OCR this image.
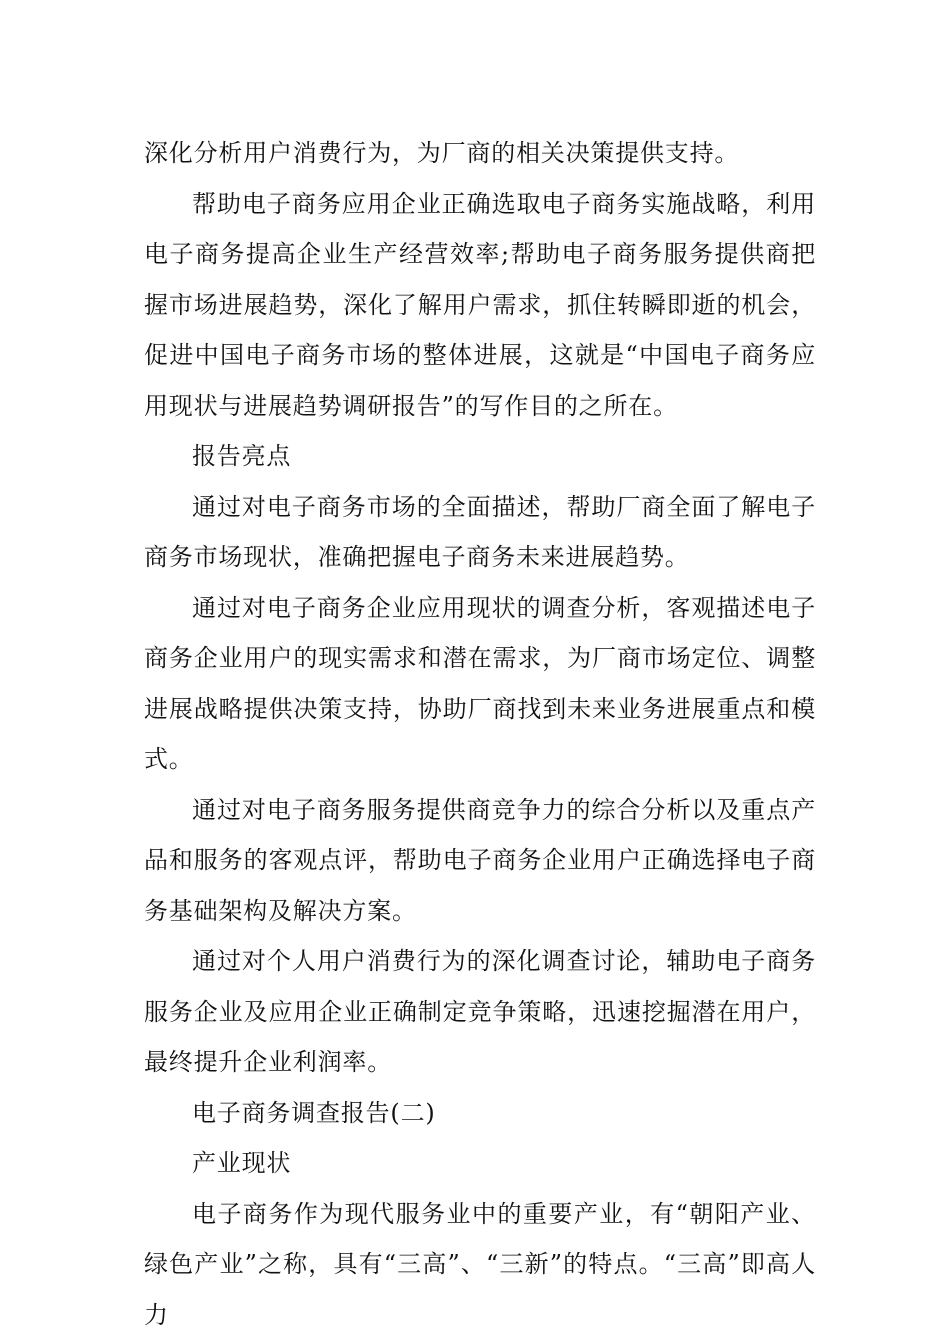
深化分析用户消费行为，为厂商的相关决策提供支持。

帮助电子商务应用企业正确选取电子商务实施战略，利用电子商务提高企业生产经营效率;帮助电子商务服务提供商把握市场进展趋势，深化了解用户需求，抓住转瞬即逝的机会，促进中国电子商务市场的整体进展，这就是“中国电子商务应用现状与进展趋势调研报告”的写作目的之所在。

报告亮点

通过对电子商务市场的全面描述，帮助厂商全面了解电子商务市场现状，准确把握电子商务未来进展趋势。

通过对电子商务企业应用现状的调查分析，客观描述电子商务企业用户的现实需求和潜在需求，为厂商市场定位、调整进展战略提供决策支持，协助厂商找到未来业务进展重点和模式。

通过对电子商务服务提供商竞争力的综合分析以及重点产品和服务的客观点评，帮助电子商务企业用户正确选择电子商务基础架构及解决方案。

通过对个人用户消费行为的深化调查讨论，辅助电子商务服务企业及应用企业正确制定竞争策略，迅速挖掘潜在用户，最终提升企业利润率。

电子商务调查报告(二)

产业现状

电子商务作为现代服务业中的重要产业，有“朝阳产业、绿色产业”之称，具有“三高”、“三新”的特点。“三高”即高人力
